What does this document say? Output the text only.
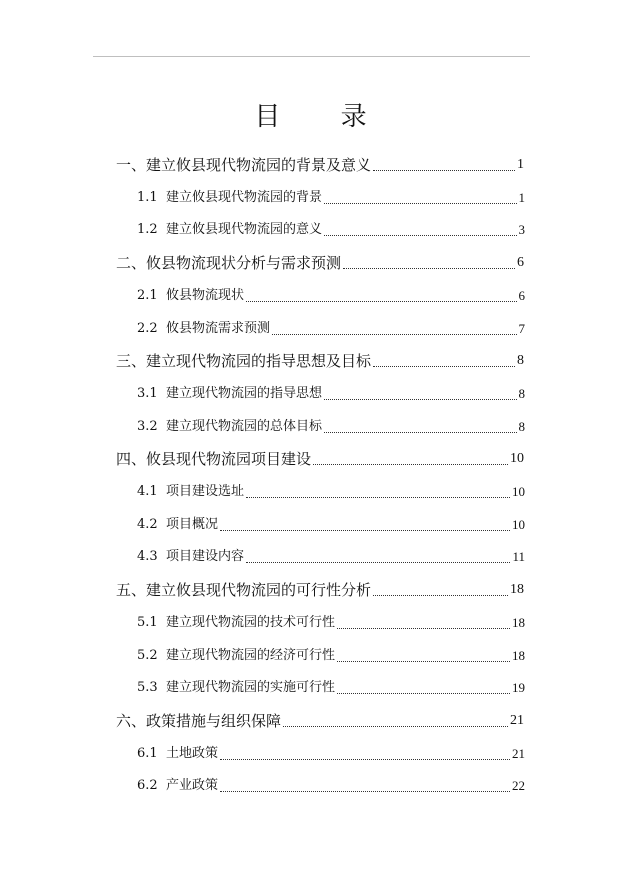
目 录
一、 建立攸县现代物流园的背景及意义	1
1.1 建立攸县现代物流园的背景	1
1.2 建立攸县现代物流园的意义	3
二、 攸县物流现状分析与需求预测	6
2.1 攸县物流现状	6
2.2 攸县物流需求预测	7
三、 建立现代物流园的指导思想及目标	8
3.1 建立现代物流园的指导思想	8
3.2 建立现代物流园的总体目标	8
四、 攸县现代物流园项目建设	10
4.1 项目建设选址	10
4.2 项目概况	10
4.3 项目建设内容	11
五、 建立攸县现代物流园的可行性分析	18
5.1 建立现代物流园的技术可行性	18
5.2 建立现代物流园的经济可行性	18
5.3 建立现代物流园的实施可行性	19
六、 政策措施与组织保障	21
6.1 土地政策	21
6.2 产业政策	22
